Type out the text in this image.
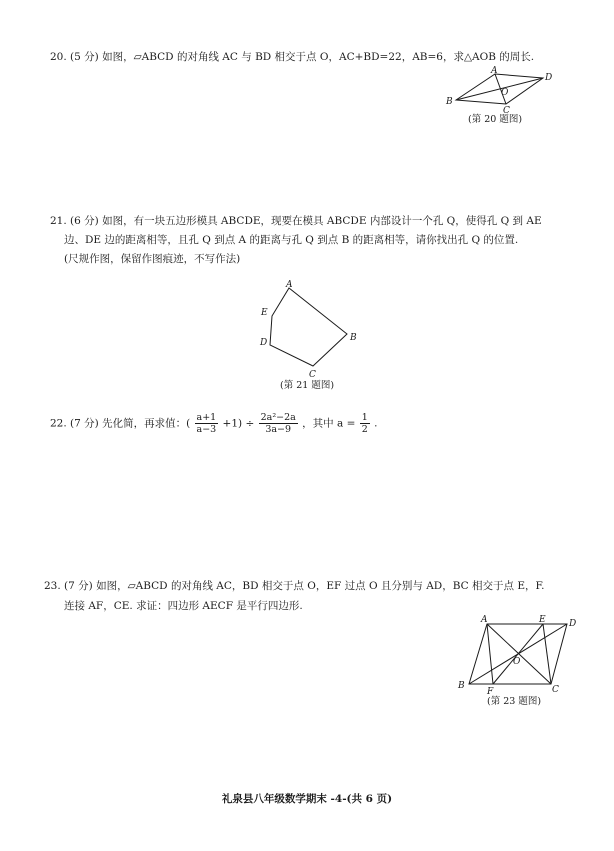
20. (5 分) 如图，▱ABCD 的对角线 AC 与 BD 相交于点 O，AC+BD=22，AB=6，求△AOB 的周长.
A
B
C
D
O
(第 20 题图)
21. (6 分) 如图，有一块五边形模具 ABCDE，现要在模具 ABCDE 内部设计一个孔 Q，使得孔 Q 到 AE
边、DE 边的距离相等，且孔 Q 到点 A 的距离与孔 Q 到点 B 的距离相等，请你找出孔 Q 的位置.
(尺规作图，保留作图痕迹，不写作法)
A
B
C
D
E
(第 21 题图)
22. (7 分) 先化简，再求值：( $\frac{a+1}{a-3} +1) \div \frac{\text{2a²−2a}}{3a-9}$ ，其中 $a = \frac{1}{2}$ .
23. (7 分) 如图，▱ABCD 的对角线 AC，BD 相交于点 O，EF 过点 O 且分别与 AD，BC 相交于点 E，F.
连接 AF，CE. 求证：四边形 AECF 是平行四边形.
A
B	C
D
E
F
O
(第 23 题图)
礼泉县八年级数学期末 -4-(共 6 页)
